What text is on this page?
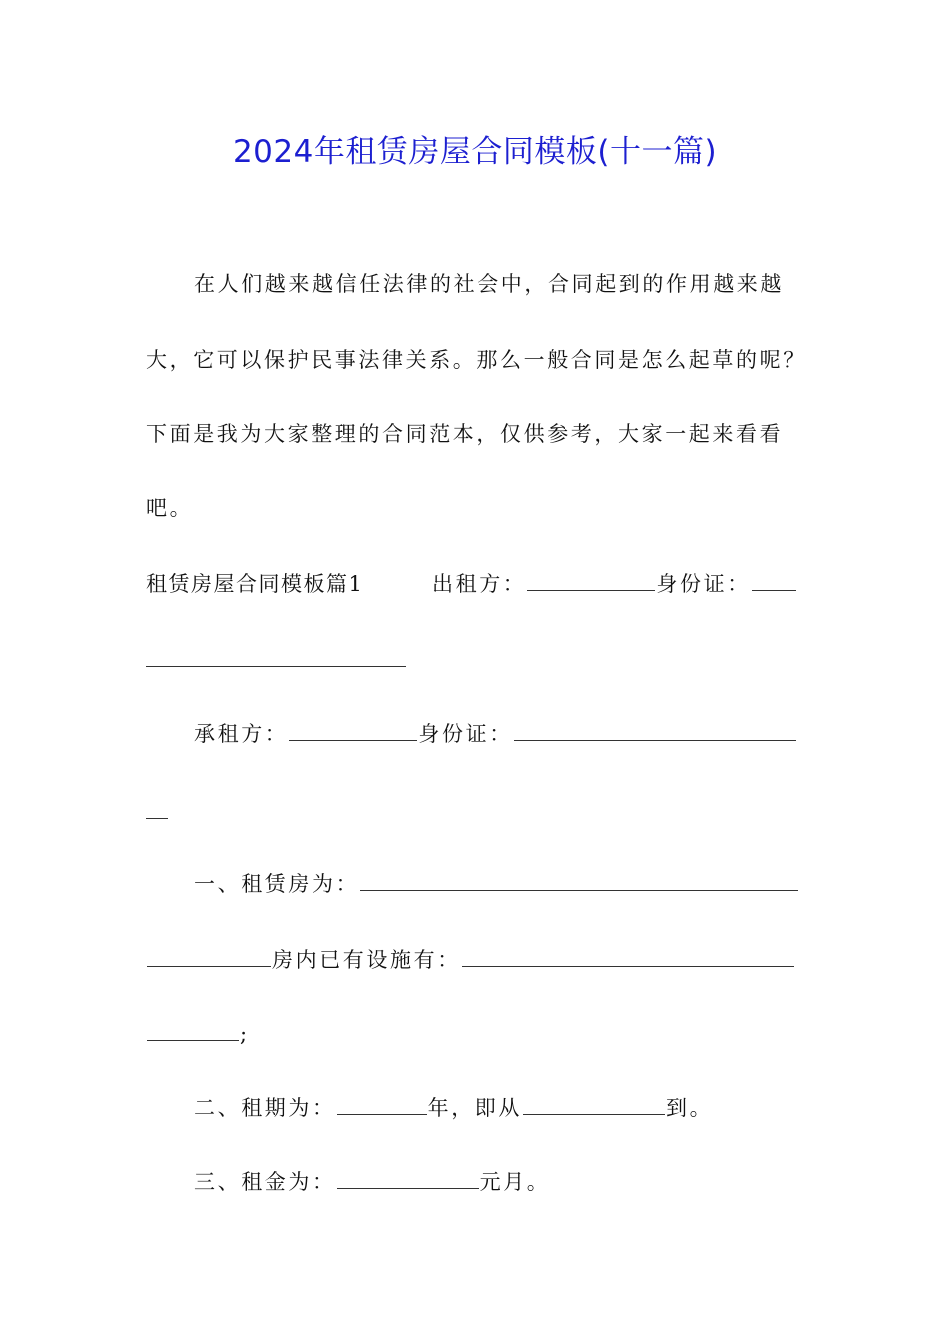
2024年租赁房屋合同模板(十一篇)
在人们越来越信任法律的社会中，合同起到的作用越来越
大，它可以保护民事法律关系。那么一般合同是怎么起草的呢？
下面是我为大家整理的合同范本，仅供参考，大家一起来看看
吧。
租赁房屋合同模板篇1	出租方：	身份证：
承租方：	身份证：
一、租赁房为：
房内已有设施有：
;
二、租期为：	年，即从	到。
三、租金为：	元月。
